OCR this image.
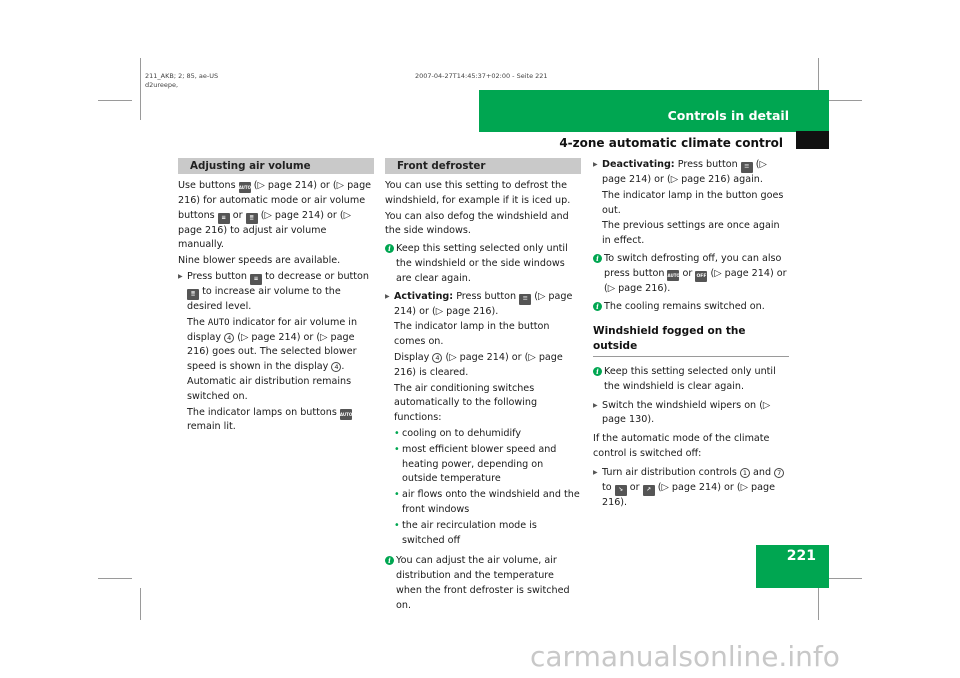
211_AKB; 2; 85, ae-US
d2ureepe,
2007-04-27T14:45:37+02:00 - Seite 221
Controls in detail
4-zone automatic climate control
221
Adjusting air volume

Use buttons AUTO (▷ page 214) or (▷ page 216) for automatic mode or air volume buttons ≡ or ≣ (▷ page 214) or (▷ page 216) to adjust air volume manually.

Nine blower speeds are available.

▶ Press button ≡ to decrease or button ≣ to increase air volume to the desired level.

The AUTO indicator for air volume in display 4 (▷ page 214) or (▷ page 216) goes out. The selected blower speed is shown in the display 4 . Automatic air distribution remains switched on.

The indicator lamps on buttons AUTO remain lit.

Front defroster

You can use this setting to defrost the windshield, for example if it is iced up.

You can also defog the windshield and the side windows.

i Keep this setting selected only until the windshield or the side windows are clear again.

▶ Activating: Press button ☰ (▷ page 214) or (▷ page 216).

The indicator lamp in the button comes on.

Display 4 (▷ page 214) or (▷ page 216) is cleared.

The air conditioning switches automatically to the following functions:

• cooling on to dehumidify

• most efficient blower speed and heating power, depending on outside temperature

• air flows onto the windshield and the front windows

• the air recirculation mode is switched off

i You can adjust the air volume, air distribution and the temperature when the front defroster is switched on.

▶ Deactivating: Press button ☰ (▷ page 214) or (▷ page 216) again.

The indicator lamp in the button goes out.

The previous settings are once again in effect.

i To switch defrosting off, you can also press button AUTO or OFF (▷ page 214) or (▷ page 216).
i The cooling remains switched on.
Windshield fogged on the outside
i Keep this setting selected only until the windshield is clear again.

▶ Switch the windshield wipers on (▷ page 130).

If the automatic mode of the climate control is switched off:

▶ Turn air distribution controls 1 and 7 to ↘ or ↗ (▷ page 214) or (▷ page 216).

carmanualsonline.info
